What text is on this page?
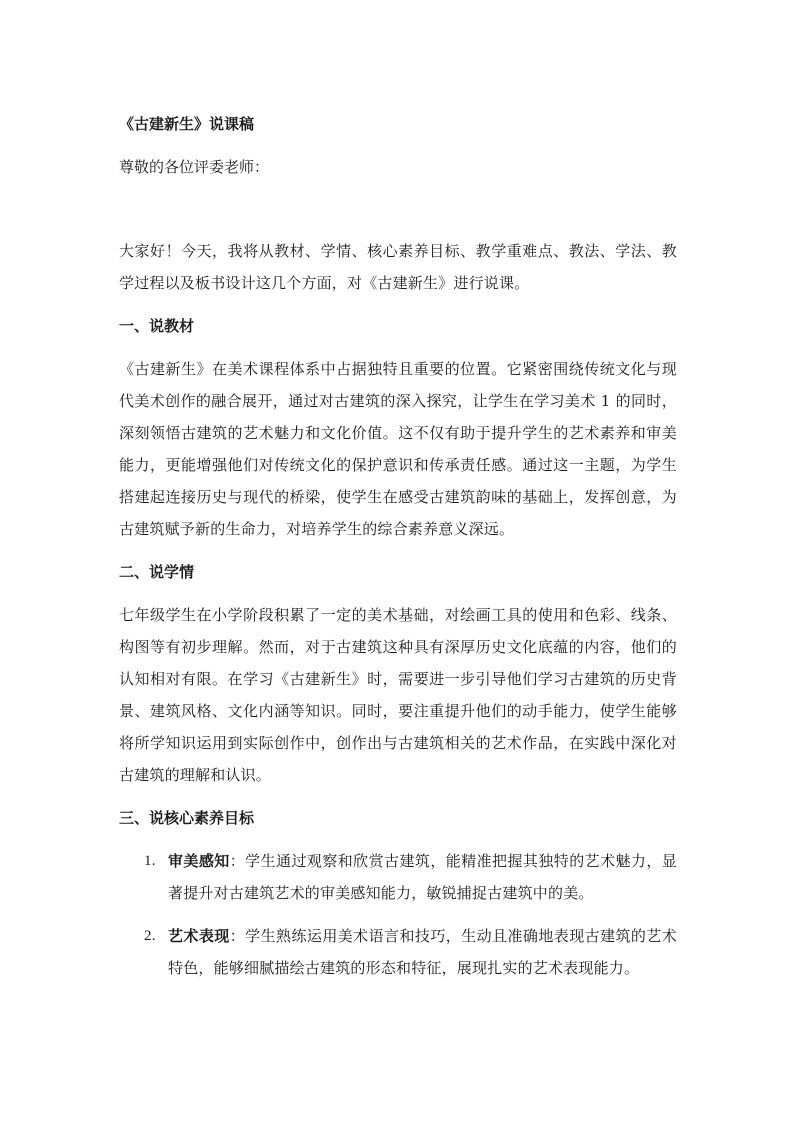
《古建新生》说课稿

尊敬的各位评委老师：

大家好！今天，我将从教材、学情、核心素养目标、教学重难点、教法、学法、教学过程以及板书设计这几个方面，对《古建新生》进行说课。

一、说教材

《古建新生》在美术课程体系中占据独特且重要的位置。它紧密围绕传统文化与现代美术创作的融合展开，通过对古建筑的深入探究，让学生在学习美术 1 的同时，深刻领悟古建筑的艺术魅力和文化价值。这不仅有助于提升学生的艺术素养和审美能力，更能增强他们对传统文化的保护意识和传承责任感。通过这一主题，为学生搭建起连接历史与现代的桥梁，使学生在感受古建筑韵味的基础上，发挥创意，为古建筑赋予新的生命力，对培养学生的综合素养意义深远。

二、说学情

七年级学生在小学阶段积累了一定的美术基础，对绘画工具的使用和色彩、线条、构图等有初步理解。然而，对于古建筑这种具有深厚历史文化底蕴的内容，他们的认知相对有限。在学习《古建新生》时，需要进一步引导他们学习古建筑的历史背景、建筑风格、文化内涵等知识。同时，要注重提升他们的动手能力，使学生能够将所学知识运用到实际创作中，创作出与古建筑相关的艺术作品，在实践中深化对古建筑的理解和认识。

三、说核心素养目标

1. 审美感知：学生通过观察和欣赏古建筑，能精准把握其独特的艺术魅力，显著提升对古建筑艺术的审美感知能力，敏锐捕捉古建筑中的美。
2. 艺术表现：学生熟练运用美术语言和技巧，生动且准确地表现古建筑的艺术特色，能够细腻描绘古建筑的形态和特征，展现扎实的艺术表现能力。
